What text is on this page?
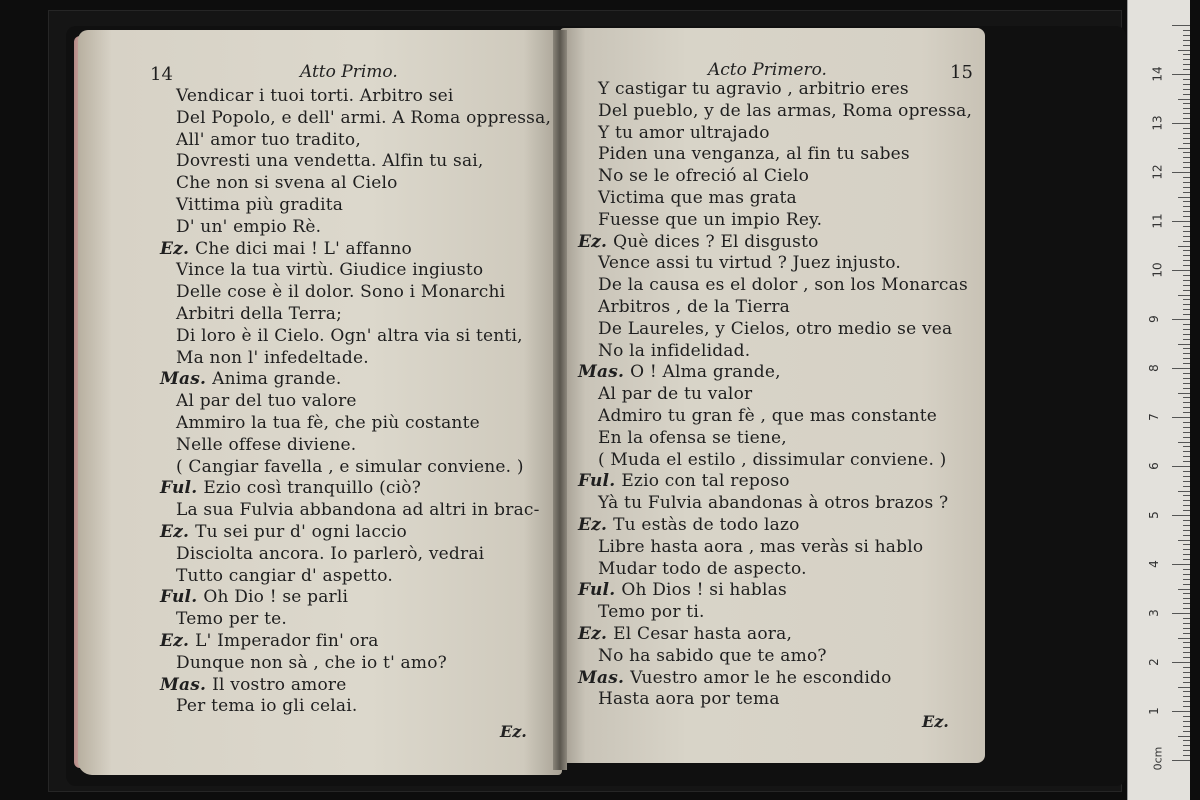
Vendicar i tuoi torti. Arbitro sei
Del Popolo, e dell' armi. A Roma oppressa,
All' amor tuo tradito,
Dovresti una vendetta. Alfin tu sai,
Che non si svena al Cielo
Vittima più gradita
D' un' empio Rè.
Ez. Che dici mai ! L' affanno
Vince la tua virtù. Giudice ingiusto
Delle cose è il dolor. Sono i Monarchi
Arbitri della Terra;
Di loro è il Cielo. Ogn' altra via si tenti,
Ma non l' infedeltade.
Mas. Anima grande.
Al par del tuo valore
Ammiro la tua fè, che più costante
Nelle offese diviene.
( Cangiar favella , e simular conviene. )
Ful. Ezio così tranquillo (ciò?
La sua Fulvia abbandona ad altri in brac-
Ez. Tu sei pur d' ogni laccio
Disciolta ancora. Io parlerò, vedrai
Tutto cangiar d' aspetto.
Ful. Oh Dio ! se parli
Temo per te.
Ez. L' Imperador fin' ora
Dunque non sà , che io t' amo?
Mas. Il vostro amore
Per tema io gli celai.
Y castigar tu agravio , arbitrio eres
Del pueblo, y de las armas, Roma opressa,
Y tu amor ultrajado
Piden una venganza, al fin tu sabes
No se le ofreció al Cielo
Victima que mas grata
Fuesse que un impio Rey.
Ez. Què dices ? El disgusto
Vence assi tu virtud ? Juez injusto.
De la causa es el dolor , son los Monarcas
Arbitros , de la Tierra
De Laureles, y Cielos, otro medio se vea
No la infidelidad.
Mas. O ! Alma grande,
Al par de tu valor
Admiro tu gran fè , que mas constante
En la ofensa se tiene,
( Muda el estilo , dissimular conviene. )
Ful. Ezio con tal reposo
Yà tu Fulvia abandonas à otros brazos ?
Ez. Tu estàs de todo lazo
Libre hasta aora , mas veràs si hablo
Mudar todo de aspecto.
Ful. Oh Dios ! si hablas
Temo por ti.
Ez. El Cesar hasta aora,
No ha sabido que te amo?
Mas. Vuestro amor le he escondido
Hasta aora por tema
14	Atto Primo.
Ez.
15
Acto Primero.
Ez.
1
2
3
4
5
6
7
8
9
10
11
12
13
14
0cm
